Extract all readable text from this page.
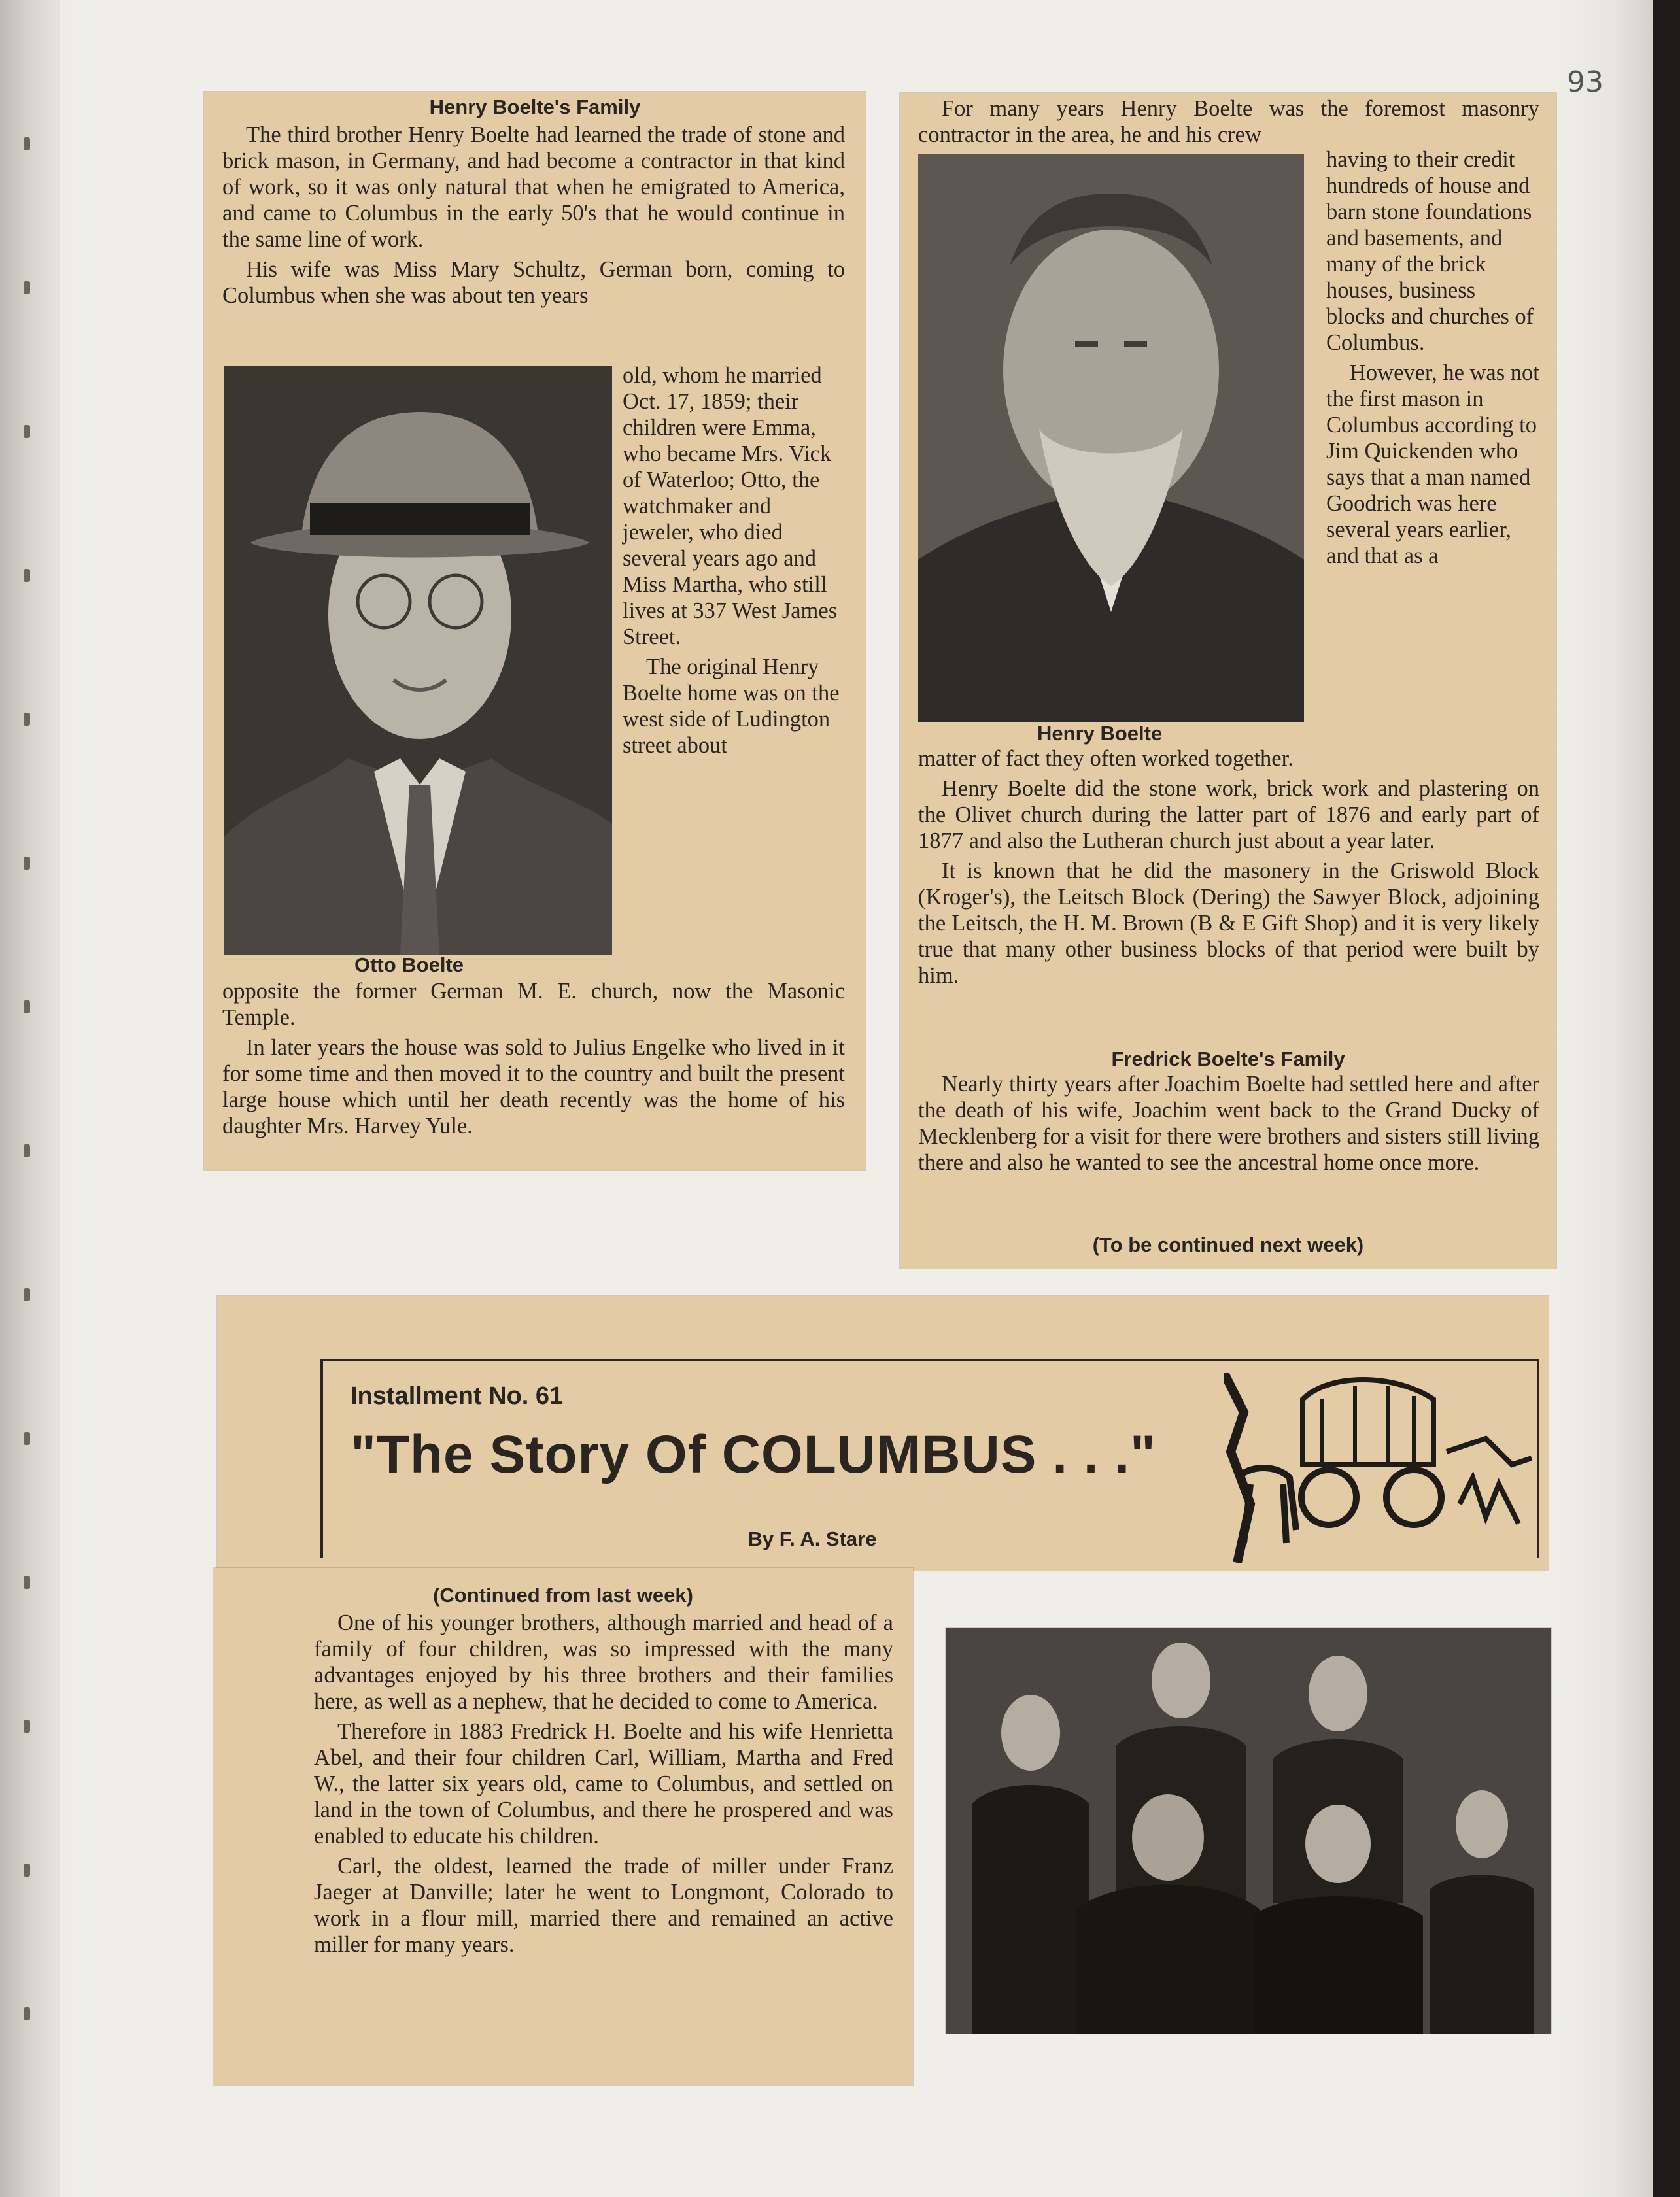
93
Henry Boelte's Family

The third brother Henry Boelte had learned the trade of stone and brick mason, in Germany, and had become a contractor in that kind of work, so it was only natural that when he emigrated to America, and came to Columbus in the early 50's that he would continue in the same line of work.

His wife was Miss Mary Schultz, German born, coming to Columbus when she was about ten years

old, whom he married Oct. 17, 1859; their children were Emma, who became Mrs. Vick of Waterloo; Otto, the watchmaker and jeweler, who died several years ago and Miss Martha, who still lives at 337 West James Street.

The original Henry Boelte home was on the west side of Ludington street about

Otto Boelte

opposite the former German M. E. church, now the Masonic Temple.

In later years the house was sold to Julius Engelke who lived in it for some time and then moved it to the country and built the present large house which until her death recently was the home of his daughter Mrs. Harvey Yule.

For many years Henry Boelte was the foremost masonry contractor in the area, he and his crew

having to their credit hundreds of house and barn stone foundations and basements, and many of the brick houses, business blocks and churches of Columbus.

However, he was not the first mason in Columbus according to Jim Quickenden who says that a man named Goodrich was here several years earlier, and that as a

Henry Boelte

matter of fact they often worked together.

Henry Boelte did the stone work, brick work and plastering on the Olivet church during the latter part of 1876 and early part of 1877 and also the Lutheran church just about a year later.

It is known that he did the masonery in the Griswold Block (Kroger's), the Leitsch Block (Dering) the Sawyer Block, adjoining the Leitsch, the H. M. Brown (B & E Gift Shop) and it is very likely true that many other business blocks of that period were built by him.

Fredrick Boelte's Family

Nearly thirty years after Joachim Boelte had settled here and after the death of his wife, Joachim went back to the Grand Ducky of Mecklenberg for a visit for there were brothers and sisters still living there and also he wanted to see the ancestral home once more.

(To be continued next week)
Installment No. 61
"The Story Of COLUMBUS . . ."
By F. A. Stare
(Continued from last week)

One of his younger brothers, although married and head of a family of four children, was so impressed with the many advantages enjoyed by his three brothers and their families here, as well as a nephew, that he decided to come to America.

Therefore in 1883 Fredrick H. Boelte and his wife Henrietta Abel, and their four children Carl, William, Martha and Fred W., the latter six years old, came to Columbus, and settled on land in the town of Columbus, and there he prospered and was enabled to educate his children.

Carl, the oldest, learned the trade of miller under Franz Jaeger at Danville; later he went to Longmont, Colorado to work in a flour mill, married there and remained an active miller for many years.
